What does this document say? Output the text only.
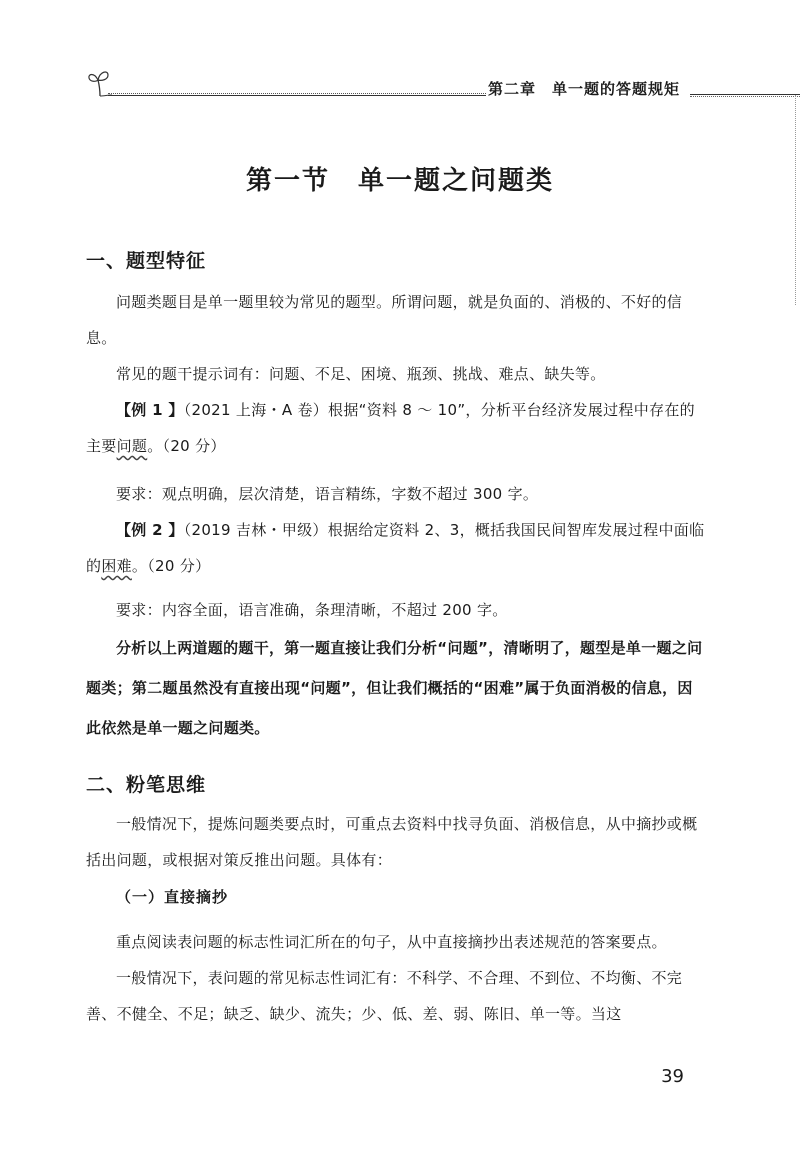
第二章 单一题的答题规矩
第一节 单一题之问题类
一、题型特征
问题类题目是单一题里较为常见的题型。所谓问题，就是负面的、消极的、不好的信息。
常见的题干提示词有：问题、不足、困境、瓶颈、挑战、难点、缺失等。
【例 1 】（2021 上海・A 卷）根据“资料 8 ～ 10”，分析平台经济发展过程中存在的主要问题。（20 分）
要求：观点明确，层次清楚，语言精练，字数不超过 300 字。
【例 2 】（2019 吉林・甲级）根据给定资料 2、3，概括我国民间智库发展过程中面临的困难。（20 分）
要求：内容全面，语言准确，条理清晰，不超过 200 字。
分析以上两道题的题干，第一题直接让我们分析“问题”，清晰明了，题型是单一题之问题类；第二题虽然没有直接出现“问题”，但让我们概括的“困难”属于负面消极的信息，因此依然是单一题之问题类。
二、粉笔思维
一般情况下，提炼问题类要点时，可重点去资料中找寻负面、消极信息，从中摘抄或概括出问题，或根据对策反推出问题。具体有：
（一）直接摘抄
重点阅读表问题的标志性词汇所在的句子，从中直接摘抄出表述规范的答案要点。
一般情况下，表问题的常见标志性词汇有：不科学、不合理、不到位、不均衡、不完善、不健全、不足；缺乏、缺少、流失；少、低、差、弱、陈旧、单一等。当这
39
